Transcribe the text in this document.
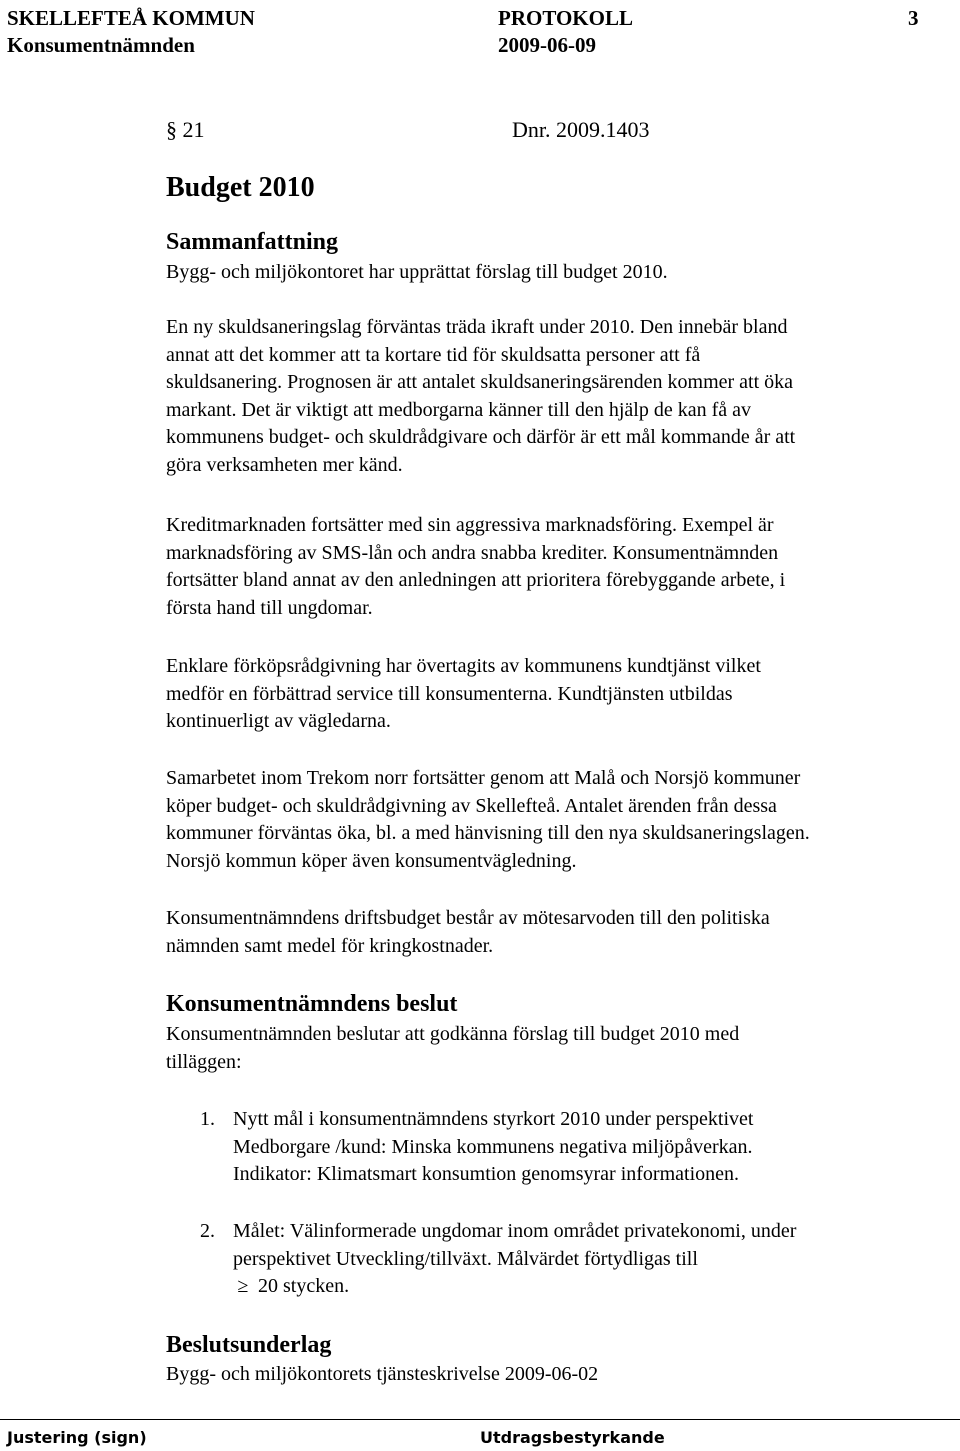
SKELLEFTEÅ KOMMUN	PROTOKOLL	3
Konsumentnämnden	2009-06-09
§ 21	Dnr. 2009.1403
Budget 2010
Sammanfattning
Bygg- och miljökontoret har upprättat förslag till budget 2010.
En ny skuldsaneringslag förväntas träda ikraft under 2010. Den innebär bland
annat att det kommer att ta kortare tid för skuldsatta personer att få
skuldsanering. Prognosen är att antalet skuldsaneringsärenden kommer att öka
markant. Det är viktigt att medborgarna känner till den hjälp de kan få av
kommunens budget- och skuldrådgivare och därför är ett mål kommande år att
göra verksamheten mer känd.
Kreditmarknaden fortsätter med sin aggressiva marknadsföring. Exempel är
marknadsföring av SMS-lån och andra snabba krediter. Konsumentnämnden
fortsätter bland annat av den anledningen att prioritera förebyggande arbete, i
första hand till ungdomar.
Enklare förköpsrådgivning har övertagits av kommunens kundtjänst vilket
medför en förbättrad service till konsumenterna. Kundtjänsten utbildas
kontinuerligt av vägledarna.
Samarbetet inom Trekom norr fortsätter genom att Malå och Norsjö kommuner
köper budget- och skuldrådgivning av Skellefteå. Antalet ärenden från dessa
kommuner förväntas öka, bl. a med hänvisning till den nya skuldsaneringslagen.
Norsjö kommun köper även konsumentvägledning.
Konsumentnämndens driftsbudget består av mötesarvoden till den politiska
nämnden samt medel för kringkostnader.
Konsumentnämndens beslut
Konsumentnämnden beslutar att godkänna förslag till budget 2010 med
tilläggen:
1. Nytt mål i konsumentnämndens styrkort 2010 under perspektivet
Medborgare /kund: Minska kommunens negativa miljöpåverkan.
Indikator: Klimatsmart konsumtion genomsyrar informationen.
2. Målet: Välinformerade ungdomar inom området privatekonomi, under
perspektivet Utveckling/tillväxt. Målvärdet förtydligas till
≥ 20 stycken.
Beslutsunderlag
Bygg- och miljökontorets tjänsteskrivelse 2009-06-02
Justering (sign)	Utdragsbestyrkande
